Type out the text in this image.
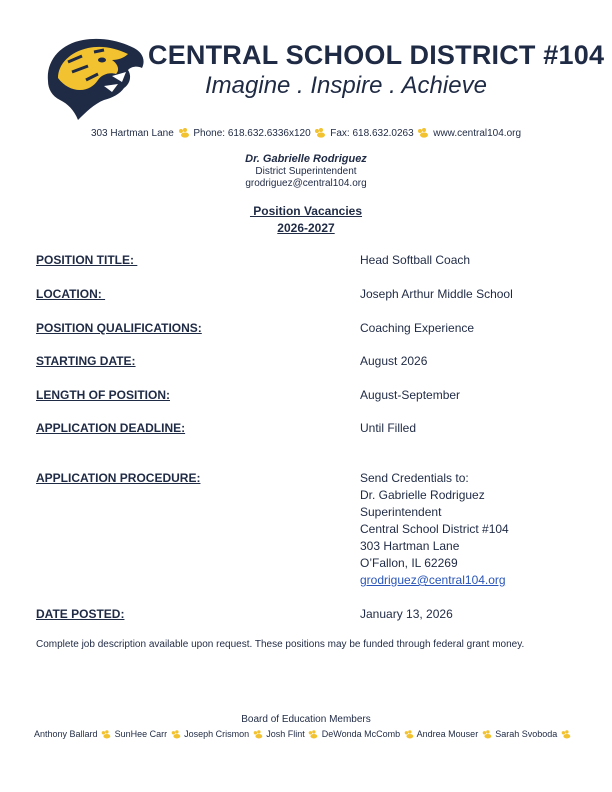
CENTRAL SCHOOL DISTRICT #104
Imagine . Inspire . Achieve
303 Hartman Lane Phone: 618.632.6336x120 Fax: 618.632.0263 www.central104.org
Dr. Gabrielle Rodriguez
District Superintendent
grodriguez@central104.org
Position Vacancies
2026-2027
POSITION TITLE:	Head Softball Coach
LOCATION:	Joseph Arthur Middle School
POSITION QUALIFICATIONS:	Coaching Experience
STARTING DATE:	August 2026
LENGTH OF POSITION:	August-September
APPLICATION DEADLINE:	Until Filled
APPLICATION PROCEDURE:	Send Credentials to:
Dr. Gabrielle Rodriguez
Superintendent
Central School District #104
303 Hartman Lane
O’Fallon, IL 62269
grodriguez@central104.org
DATE POSTED:	January 13, 2026
Complete job description available upon request. These positions may be funded through federal grant money.
Board of Education Members
Anthony Ballard SunHee Carr Joseph Crismon Josh Flint DeWonda McComb Andrea Mouser Sarah Svoboda
